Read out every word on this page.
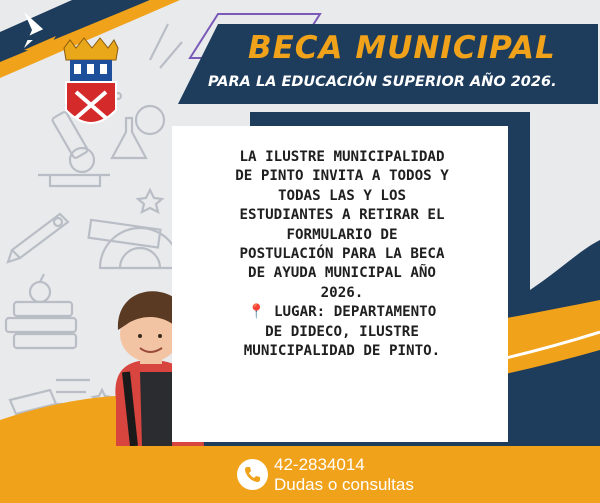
BECA MUNICIPAL
PARA LA EDUCACIÓN SUPERIOR AÑO 2026.

LA ILUSTRE MUNICIPALIDAD

DE PINTO INVITA A TODOS Y

TODAS LAS Y LOS

ESTUDIANTES A RETIRAR EL

FORMULARIO DE

POSTULACIÓN PARA LA BECA

DE AYUDA MUNICIPAL AÑO

2026.

📍 LUGAR: DEPARTAMENTO

DE DIDECO, ILUSTRE

MUNICIPALIDAD DE PINTO.

42-2834014
Dudas o consultas
